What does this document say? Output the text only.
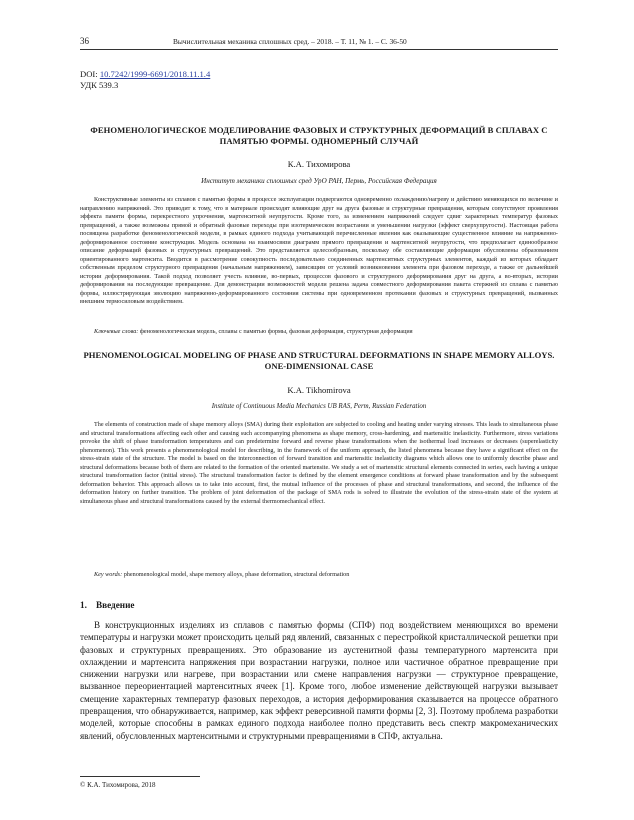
36	Вычислительная механика сплошных сред. – 2018. – Т. 11, № 1. – С. 36-50
DOI: 10.7242/1999-6691/2018.11.1.4
УДК 539.3
ФЕНОМЕНОЛОГИЧЕСКОЕ МОДЕЛИРОВАНИЕ ФАЗОВЫХ И СТРУКТУРНЫХ ДЕФОРМАЦИЙ В СПЛАВАХ С ПАМЯТЬЮ ФОРМЫ. ОДНОМЕРНЫЙ СЛУЧАЙ
К.А. Тихомирова
Институт механики сплошных сред УрО РАН, Пермь, Российская Федерация

Конструктивные элементы из сплавов с памятью формы в процессе эксплуатации подвергаются одновременно охлаждению/нагреву и действию меняющихся по величине и направлению напряжений. Это приводит к тому, что в материале происходят влияющие друг на друга фазовые и структурные превращения, которым сопутствуют проявления эффекта памяти формы, перекрестного упрочнения, мартенситной неупругости. Кроме того, за изменением напряжений следует сдвиг характерных температур фазовых превращений, а также возможны прямой и обратный фазовые переходы при изотермическом возрастании и уменьшении нагрузки (эффект сверхупругости). Настоящая работа посвящена разработке феноменологической модели, в рамках единого подхода учитывающей перечисленные явления как оказывающие существенное влияние на напряженно-деформированное состояние конструкции. Модель основана на взаимосвязи диаграмм прямого превращения и мартенситной неупругости, что предполагает единообразное описание деформаций фазовых и структурных превращений. Это представляется целесообразным, поскольку обе составляющие деформации обусловлены образованием ориентированного мартенсита. Вводится в рассмотрение совокупность последовательно соединенных мартенситных структурных элементов, каждый из которых обладает собственным пределом структурного превращения (начальным напряжением), зависящим от условий возникновения элемента при фазовом переходе, а также от дальнейшей истории деформирования. Такой подход позволяет учесть влияние, во-первых, процессов фазового и структурного деформирования друг на друга, а во-вторых, истории деформирования на последующие превращение. Для демонстрации возможностей модели решена задача совместного деформирования пакета стержней из сплава с памятью формы, иллюстрирующая эволюцию напряженно-деформированного состояния системы при одновременном протекании фазовых и структурных превращений, вызванных внешним термосиловым воздействием.

Ключевые слова: феноменологическая модель, сплавы с памятью формы, фазовая деформация, структурная деформация

PHENOMENOLOGICAL MODELING OF PHASE AND STRUCTURAL DEFORMATIONS IN SHAPE MEMORY ALLOYS. ONE-DIMENSIONAL CASE
K.A. Tikhomirova
Institute of Continuous Media Mechanics UB RAS, Perm, Russian Federation

The elements of construction made of shape memory alloys (SMA) during their exploitation are subjected to cooling and heating under varying stresses. This leads to simultaneous phase and structural transformations affecting each other and causing such accompanying phenomena as shape memory, cross-hardening, and martensitic inelasticity. Furthermore, stress variations provoke the shift of phase transformation temperatures and can predetermine forward and reverse phase transformations when the isothermal load increases or decreases (superelasticity phenomenon). This work presents a phenomenological model for describing, in the framework of the uniform approach, the listed phenomena because they have a significant effect on the stress-strain state of the structure. The model is based on the interconnection of forward transition and martensitic inelasticity diagrams which allows one to uniformly describe phase and structural deformations because both of them are related to the formation of the oriented martensite. We study a set of martensitic structural elements connected in series, each having a unique structural transformation factor (initial stress). The structural transformation factor is defined by the element emergence conditions at forward phase transformation and by the subsequent deformation behavior. This approach allows us to take into account, first, the mutual influence of the processes of phase and structural transformations, and second, the influence of the deformation history on further transition. The problem of joint deformation of the package of SMA rods is solved to illustrate the evolution of the stress-strain state of the system at simultaneous phase and structural transformations caused by the external thermomechanical effect.

Key words: phenomenological model, shape memory alloys, phase deformation, structural deformation

1. Введение

В конструкционных изделиях из сплавов с памятью формы (СПФ) под воздействием меняющихся во времени температуры и нагрузки может происходить целый ряд явлений, связанных с перестройкой кристаллической решетки при фазовых и структурных превращениях. Это образование из аустенитной фазы температурного мартенсита при охлаждении и мартенсита напряжения при возрастании нагрузки, полное или частичное обратное превращение при снижении нагрузки или нагреве, при возрастании или смене направления нагрузки — структурное превращение, вызванное переориентацией мартенситных ячеек [1]. Кроме того, любое изменение действующей нагрузки вызывает смещение характерных температур фазовых переходов, а история деформирования сказывается на процессе обратного превращения, что обнаруживается, например, как эффект реверсивной памяти формы [2, 3]. Поэтому проблема разработки моделей, которые способны в рамках единого подхода наиболее полно представить весь спектр макромеханических явлений, обусловленных мартенситными и структурными превращениями в СПФ, актуальна.

© К.А. Тихомирова, 2018
